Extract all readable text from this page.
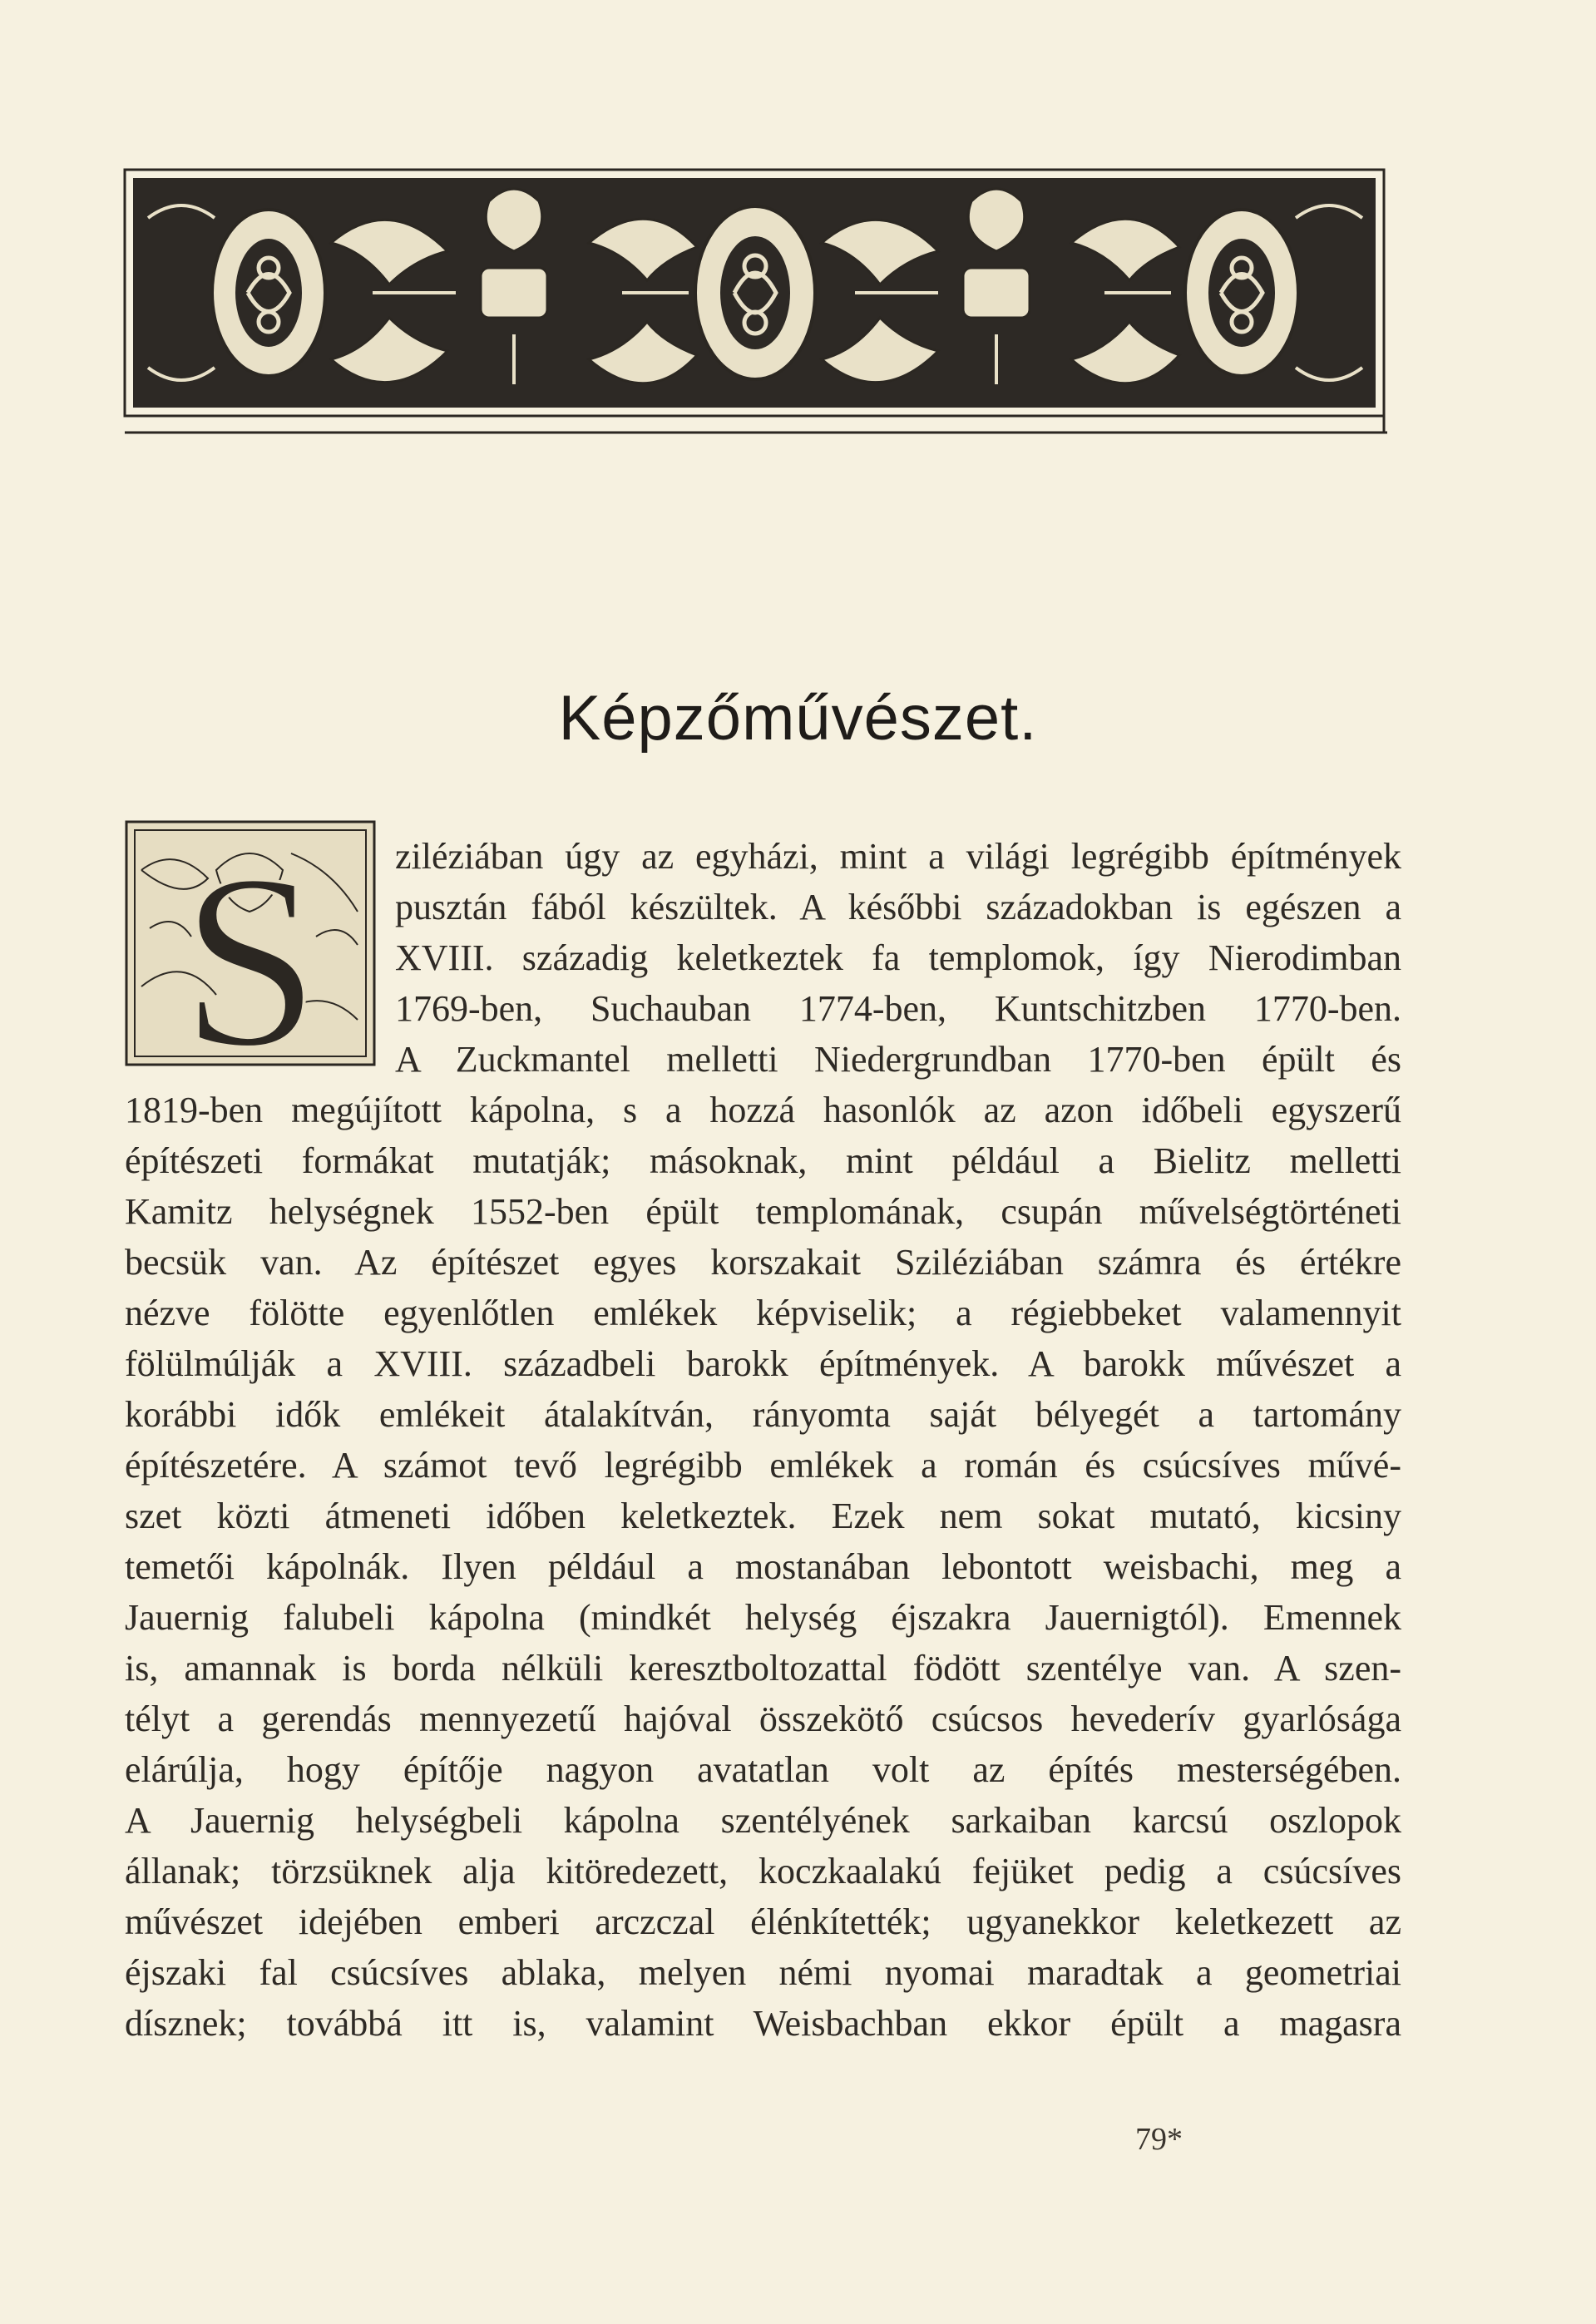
Képzőművészet.
S ziléziában úgy az egyházi, mint a világi legrégibb építmények
pusztán fából készültek. A későbbi századokban is egészen a
XVIII. századig keletkeztek fa templomok, így Nierodimban
1769-ben, Suchauban 1774-ben, Kuntschitzben 1770-ben.
A Zuckmantel melletti Niedergrundban 1770-ben épült és
1819-ben megújított kápolna, s a hozzá hasonlók az azon időbeli egyszerű
építészeti formákat mutatják; másoknak, mint például a Bielitz melletti
Kamitz helységnek 1552-ben épült templomának, csupán művelségtörténeti
becsük van. Az építészet egyes korszakait Sziléziában számra és értékre
nézve fölötte egyenlőtlen emlékek képviselik; a régiebbeket valamennyit
fölülmúlják a XVIII. századbeli barokk építmények. A barokk művészet a
korábbi idők emlékeit átalakítván, rányomta saját bélyegét a tartomány
építészetére. A számot tevő legrégibb emlékek a román és csúcsíves művé-
szet közti átmeneti időben keletkeztek. Ezek nem sokat mutató, kicsiny
temetői kápolnák. Ilyen például a mostanában lebontott weisbachi, meg a
Jauernig falubeli kápolna (mindkét helység éjszakra Jauernigtól). Emennek
is, amannak is borda nélküli keresztboltozattal födött szentélye van. A szen-
télyt a gerendás mennyezetű hajóval összekötő csúcsos hevederív gyarlósága
elárúlja, hogy építője nagyon avatatlan volt az építés mesterségében.
A Jauernig helységbeli kápolna szentélyének sarkaiban karcsú oszlopok
állanak; törzsüknek alja kitöredezett, koczkaalakú fejüket pedig a csúcsíves
művészet idejében emberi arczczal élénkítették; ugyanekkor keletkezett az
éjszaki fal csúcsíves ablaka, melyen némi nyomai maradtak a geometriai
dísznek; továbbá itt is, valamint Weisbachban ekkor épült a magasra
79*
